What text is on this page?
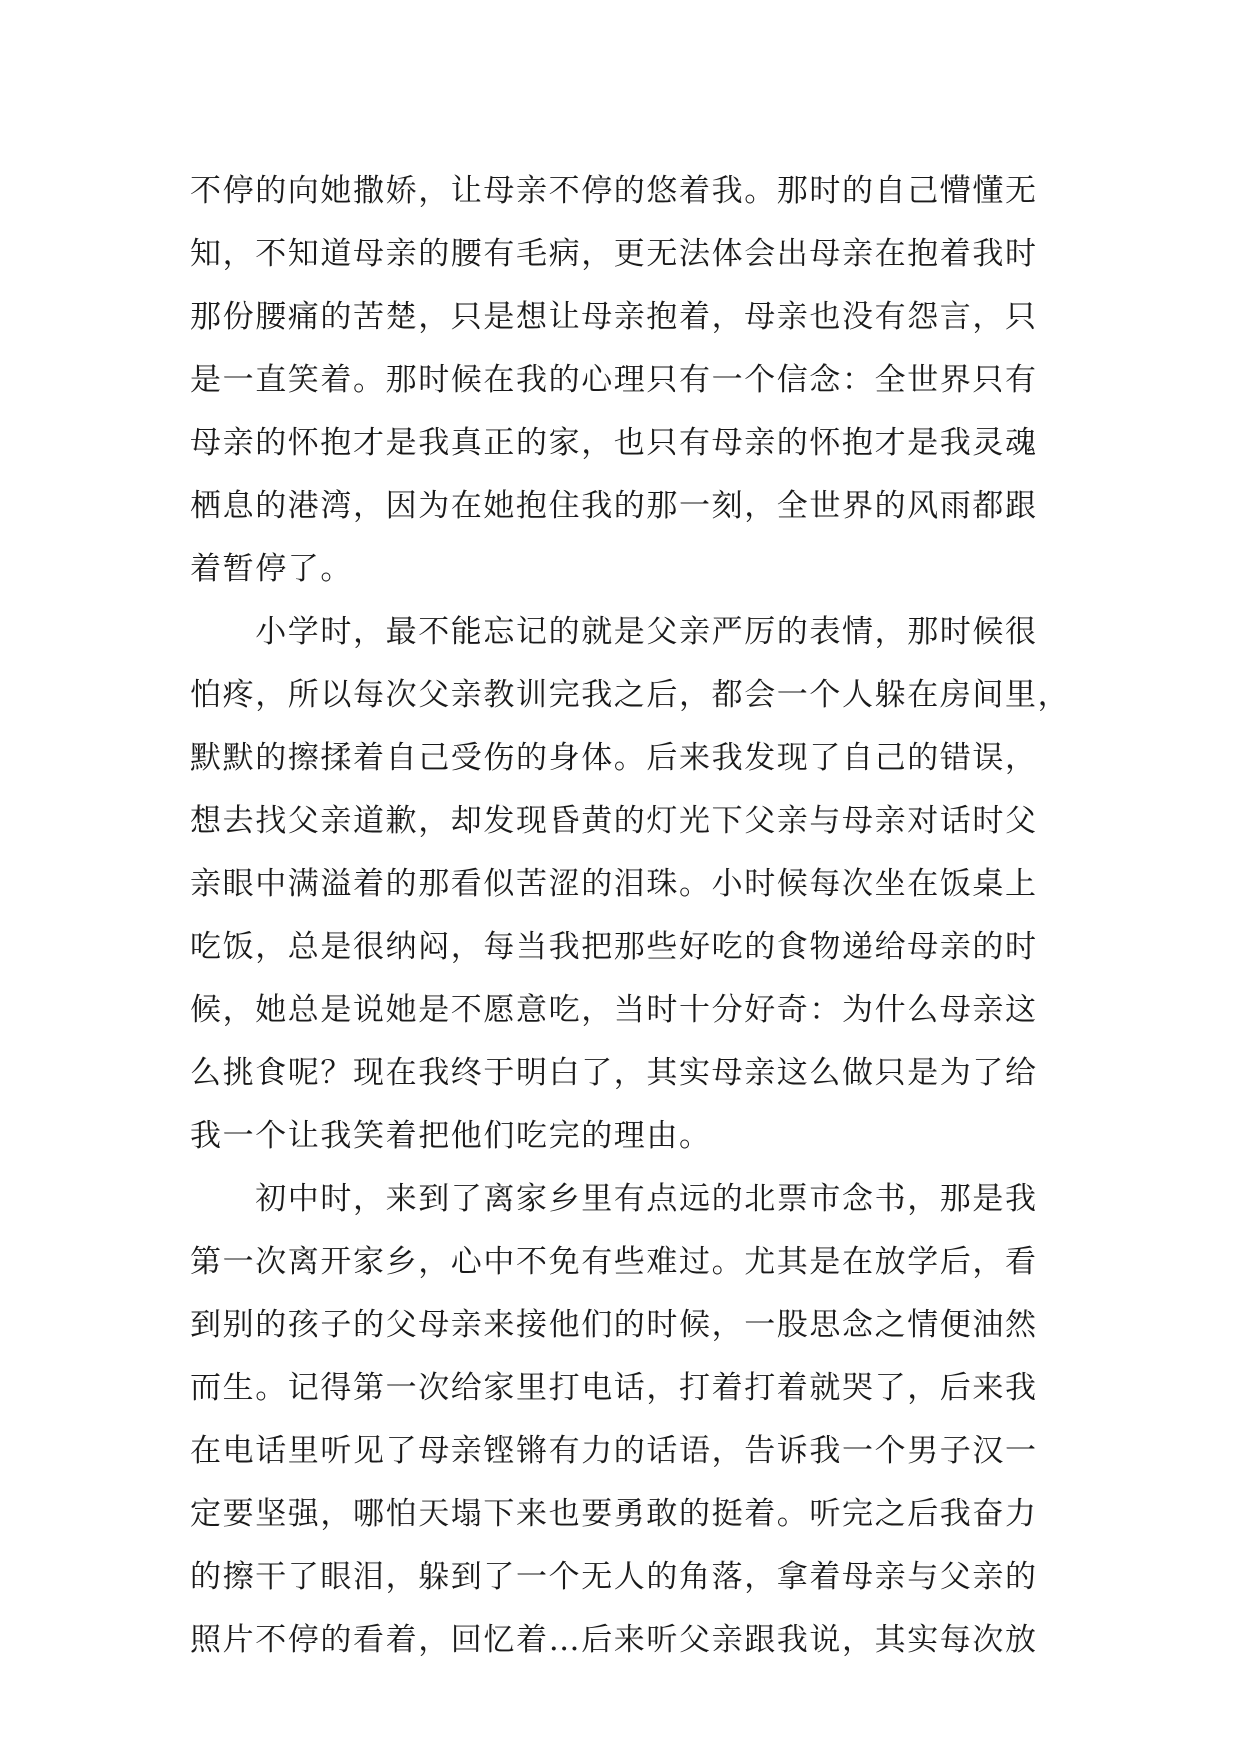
不停的向她撒娇，让母亲不停的悠着我。那时的自己懵懂无
知，不知道母亲的腰有毛病，更无法体会出母亲在抱着我时
那份腰痛的苦楚，只是想让母亲抱着，母亲也没有怨言，只
是一直笑着。那时候在我的心理只有一个信念：全世界只有
母亲的怀抱才是我真正的家，也只有母亲的怀抱才是我灵魂
栖息的港湾，因为在她抱住我的那一刻，全世界的风雨都跟
着暂停了。
　　小学时，最不能忘记的就是父亲严厉的表情，那时候很
怕疼，所以每次父亲教训完我之后，都会一个人躲在房间里，
默默的擦揉着自己受伤的身体。后来我发现了自己的错误，
想去找父亲道歉，却发现昏黄的灯光下父亲与母亲对话时父
亲眼中满溢着的那看似苦涩的泪珠。小时候每次坐在饭桌上
吃饭，总是很纳闷，每当我把那些好吃的食物递给母亲的时
候，她总是说她是不愿意吃，当时十分好奇：为什么母亲这
么挑食呢？现在我终于明白了，其实母亲这么做只是为了给
我一个让我笑着把他们吃完的理由。
　　初中时，来到了离家乡里有点远的北票市念书，那是我
第一次离开家乡，心中不免有些难过。尤其是在放学后，看
到别的孩子的父母亲来接他们的时候，一股思念之情便油然
而生。记得第一次给家里打电话，打着打着就哭了，后来我
在电话里听见了母亲铿锵有力的话语，告诉我一个男子汉一
定要坚强，哪怕天塌下来也要勇敢的挺着。听完之后我奋力
的擦干了眼泪，躲到了一个无人的角落，拿着母亲与父亲的
照片不停的看着，回忆着…后来听父亲跟我说，其实每次放
